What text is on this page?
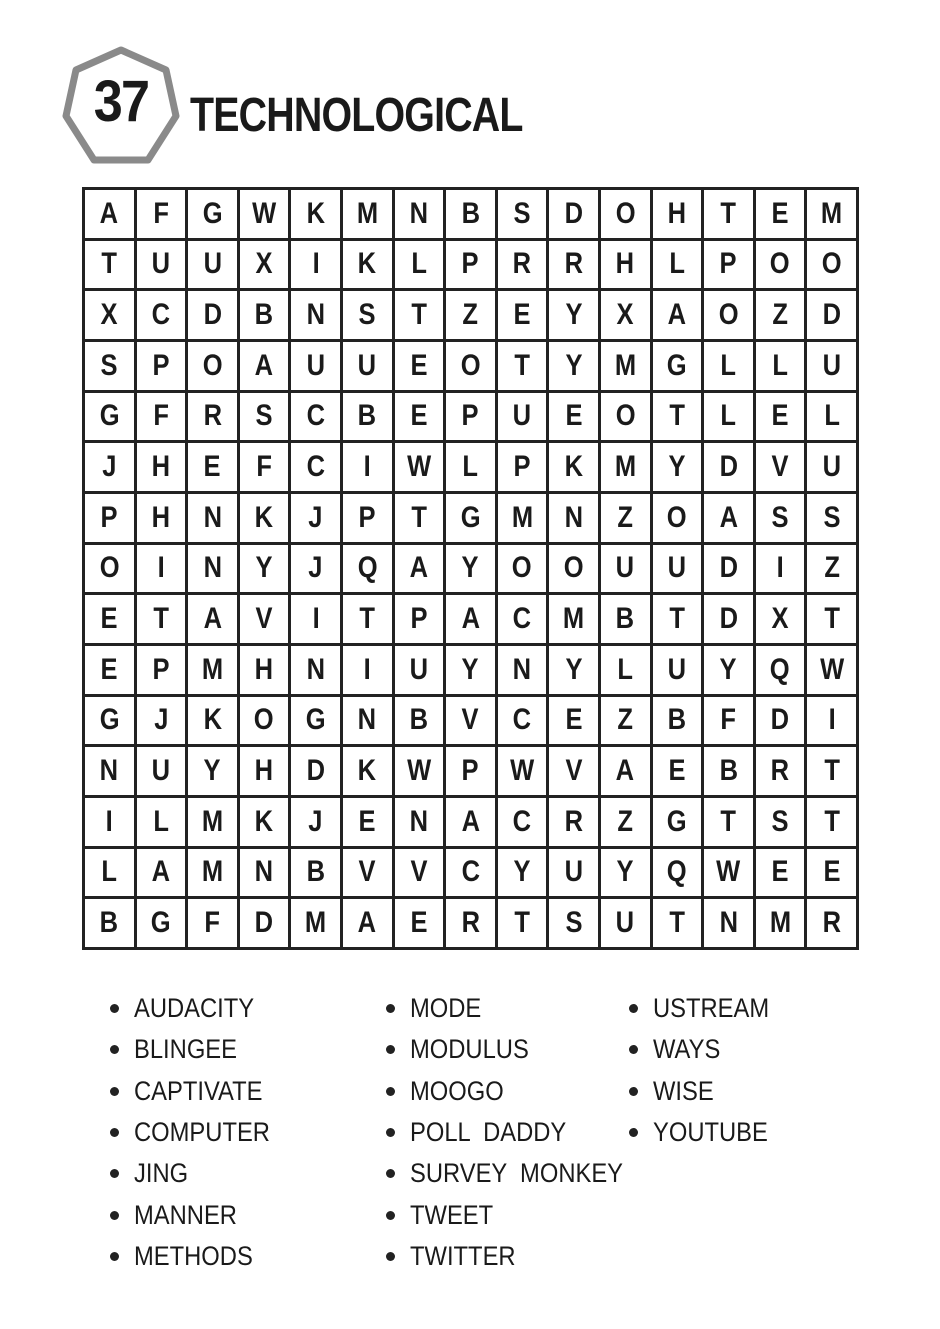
37 TECHNOLOGICAL
A F G W K M N B S D O H T E M
T U U X I K L P R R H L P O O
X C D B N S T Z E Y X A O Z D
S P O A U U E O T Y M G L L U
G F R S C B E P U E O T L E L
J H E F C I W L P K M Y D V U
P H N K J P T G M N Z O A S S
O I N Y J Q A Y O O U U D I Z
E T A V I T P A C M B T D X T
E P M H N I U Y N Y L U Y Q W
G J K O G N B V C E Z B F D I
N U Y H D K W P W V A E B R T
I L M K J E N A C R Z G T S T
L A M N B V V C Y U Y Q W E E
B G F D M A E R T S U T N M R
AUDACITY
BLINGEE
CAPTIVATE
COMPUTER
JING
MANNER
METHODS
MODE
MODULUS
MOOGO
POLL  DADDY
SURVEY  MONKEY
TWEET
TWITTER
USTREAM
WAYS
WISE
YOUTUBE
